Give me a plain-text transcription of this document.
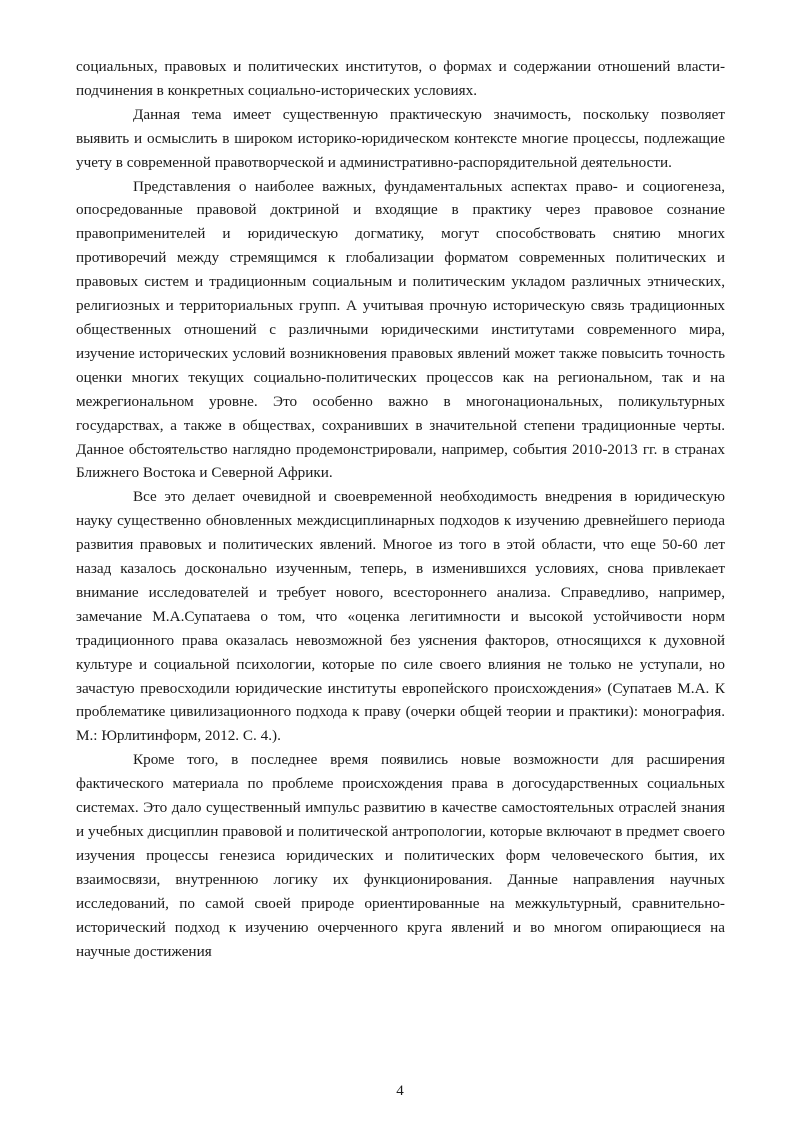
социальных, правовых и политических институтов, о формах и содержании отношений власти-подчинения в конкретных социально-исторических условиях.

Данная тема имеет существенную практическую значимость, поскольку позволяет выявить и осмыслить в широком историко-юридическом контексте многие процессы, подлежащие учету в современной правотворческой и административно-распорядительной деятельности.

Представления о наиболее важных, фундаментальных аспектах право- и социогенеза, опосредованные правовой доктриной и входящие в практику через правовое сознание правоприменителей и юридическую догматику, могут способствовать снятию многих противоречий между стремящимся к глобализации форматом современных политических и правовых систем и традиционным социальным и политическим укладом различных этнических, религиозных и территориальных групп. А учитывая прочную историческую связь традиционных общественных отношений с различными юридическими институтами современного мира, изучение исторических условий возникновения правовых явлений может также повысить точность оценки многих текущих социально-политических процессов как на региональном, так и на межрегиональном уровне. Это особенно важно в многонациональных, поликультурных государствах, а также в обществах, сохранивших в значительной степени традиционные черты. Данное обстоятельство наглядно продемонстрировали, например, события 2010-2013 гг. в странах Ближнего Востока и Северной Африки.

Все это делает очевидной и своевременной необходимость внедрения в юридическую науку существенно обновленных междисциплинарных подходов к изучению древнейшего периода развития правовых и политических явлений. Многое из того в этой области, что еще 50-60 лет назад казалось досконально изученным, теперь, в изменившихся условиях, снова привлекает внимание исследователей и требует нового, всестороннего анализа. Справедливо, например, замечание М.А.Супатаева о том, что «оценка легитимности и высокой устойчивости норм традиционного права оказалась невозможной без уяснения факторов, относящихся к духовной культуре и социальной психологии, которые по силе своего влияния не только не уступали, но зачастую превосходили юридические институты европейского происхождения» (Супатаев М.А. К проблематике цивилизационного подхода к праву (очерки общей теории и практики): монография. М.: Юрлитинформ, 2012. С. 4.).

Кроме того, в последнее время появились новые возможности для расширения фактического материала по проблеме происхождения права в догосударственных социальных системах. Это дало существенный импульс развитию в качестве самостоятельных отраслей знания и учебных дисциплин правовой и политической антропологии, которые включают в предмет своего изучения процессы генезиса юридических и политических форм человеческого бытия, их взаимосвязи, внутреннюю логику их функционирования. Данные направления научных исследований, по самой своей природе ориентированные на межкультурный, сравнительно-исторический подход к изучению очерченного круга явлений и во многом опирающиеся на научные достижения

4
